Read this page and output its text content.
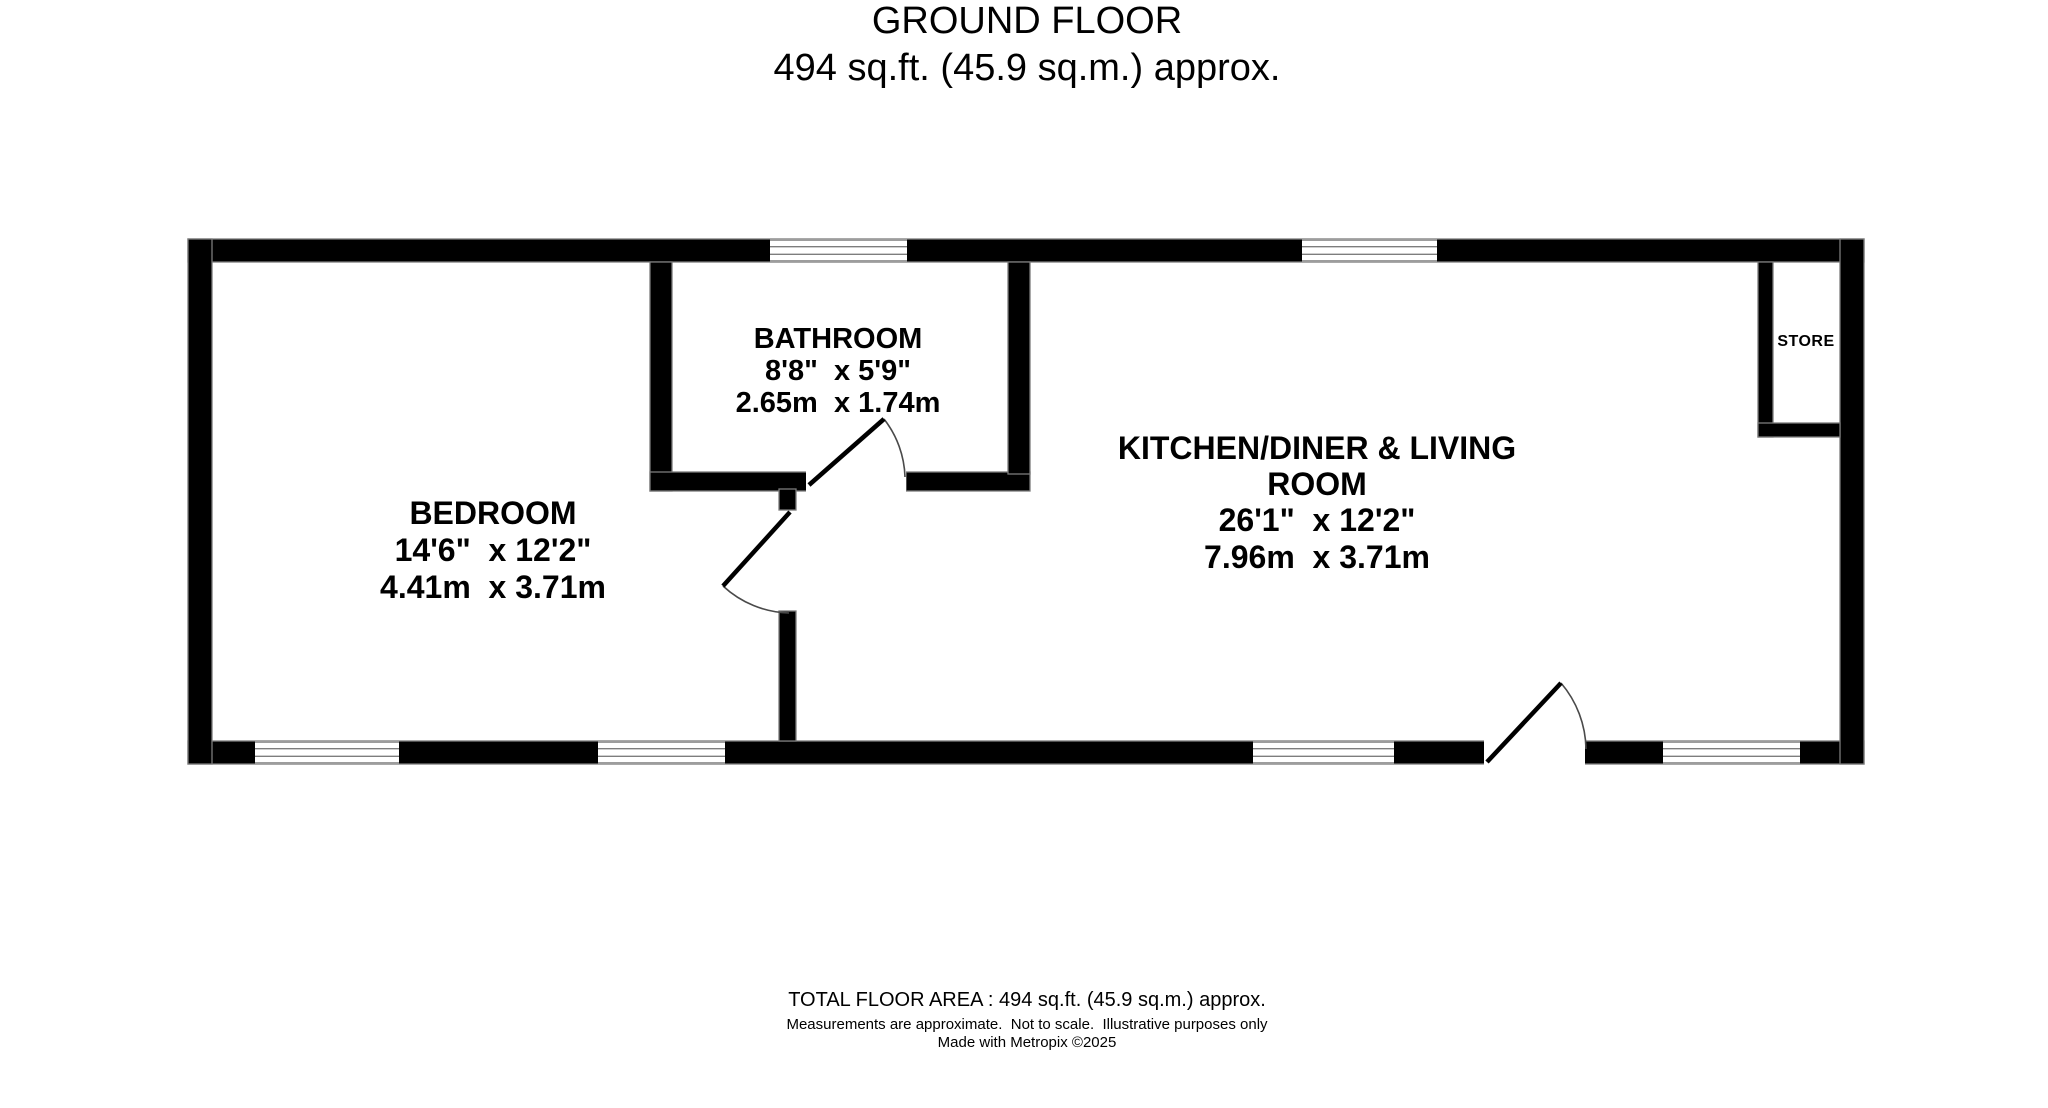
GROUND FLOOR
494 sq.ft. (45.9 sq.m.) approx.
BEDROOM
14'6"  x 12'2"
4.41m  x 3.71m
BATHROOM
8'8"  x 5'9"
2.65m  x 1.74m
KITCHEN/DINER & LIVING
ROOM
26'1"  x 12'2"
7.96m  x 3.71m
STORE
TOTAL FLOOR AREA : 494 sq.ft. (45.9 sq.m.) approx.
Measurements are approximate.  Not to scale.  Illustrative purposes only
Made with Metropix ©2025
